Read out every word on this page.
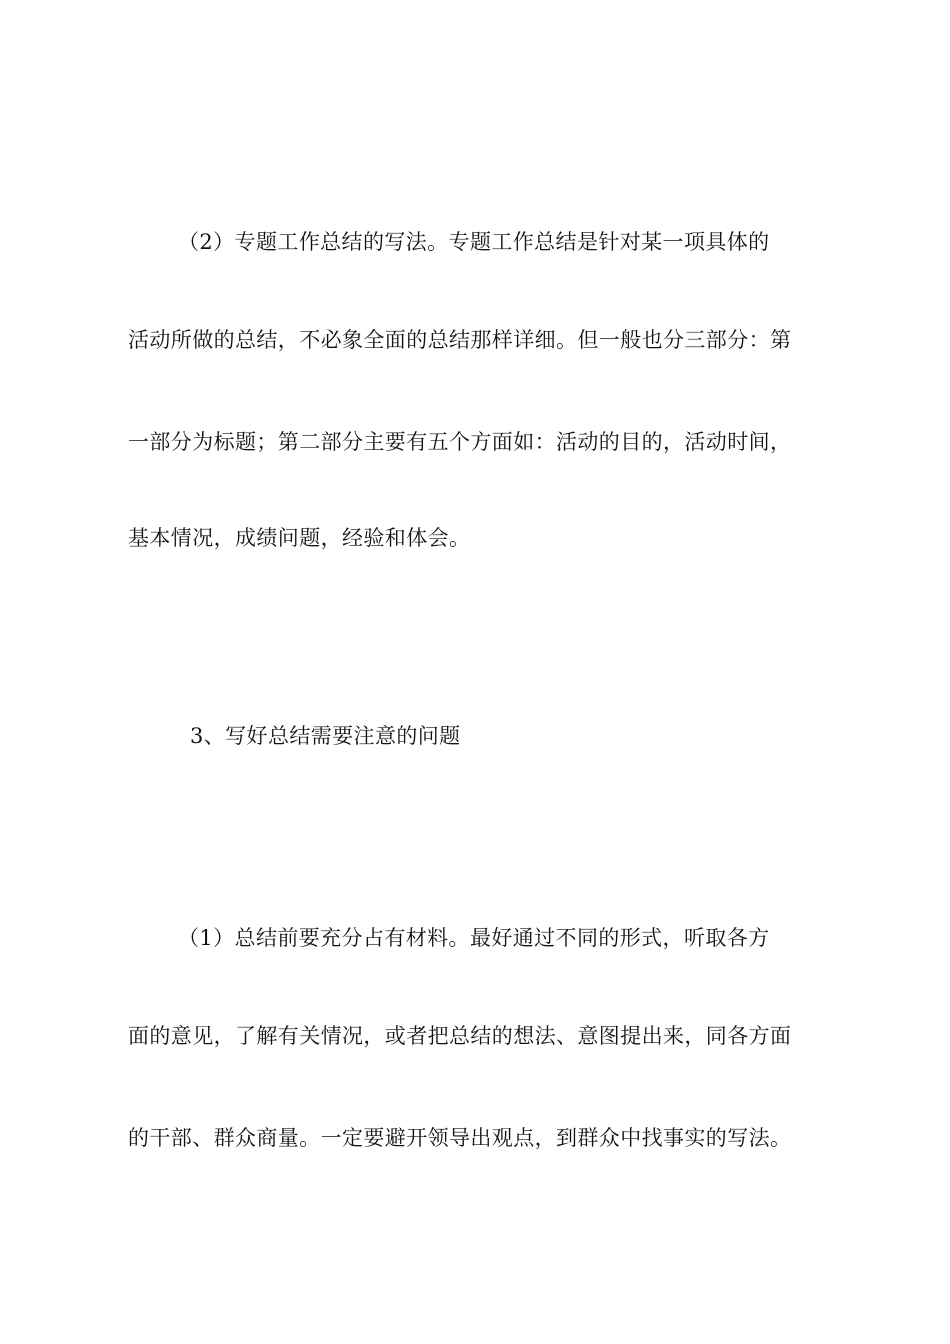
（2）专题工作总结的写法。专题工作总结是针对某一项具体的
活动所做的总结，不必象全面的总结那样详细。但一般也分三部分：第
一部分为标题；第二部分主要有五个方面如：活动的目的，活动时间，
基本情况，成绩问题，经验和体会。
3、写好总结需要注意的问题
（1）总结前要充分占有材料。最好通过不同的形式，听取各方
面的意见，了解有关情况，或者把总结的想法、意图提出来，同各方面
的干部、群众商量。一定要避开领导出观点，到群众中找事实的写法。
